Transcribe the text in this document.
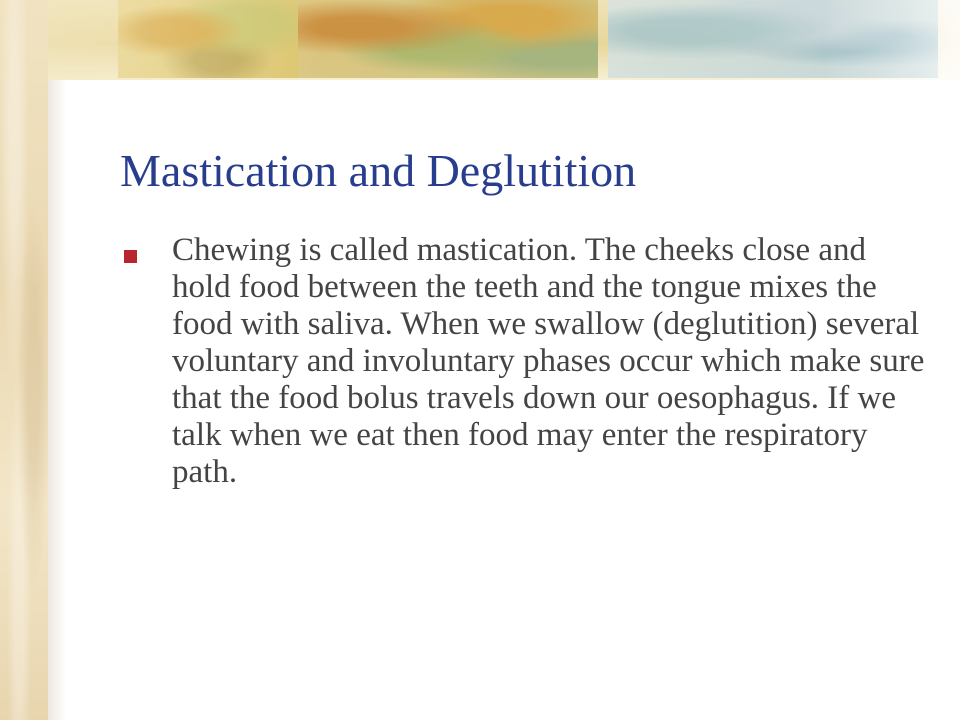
Mastication and Deglutition
Chewing is called mastication. The cheeks close and hold food between the teeth and the tongue mixes the food with saliva. When we swallow (deglutition) several voluntary and involuntary phases occur which make sure that the food bolus travels down our oesophagus. If we talk when we eat then food may enter the respiratory path.
